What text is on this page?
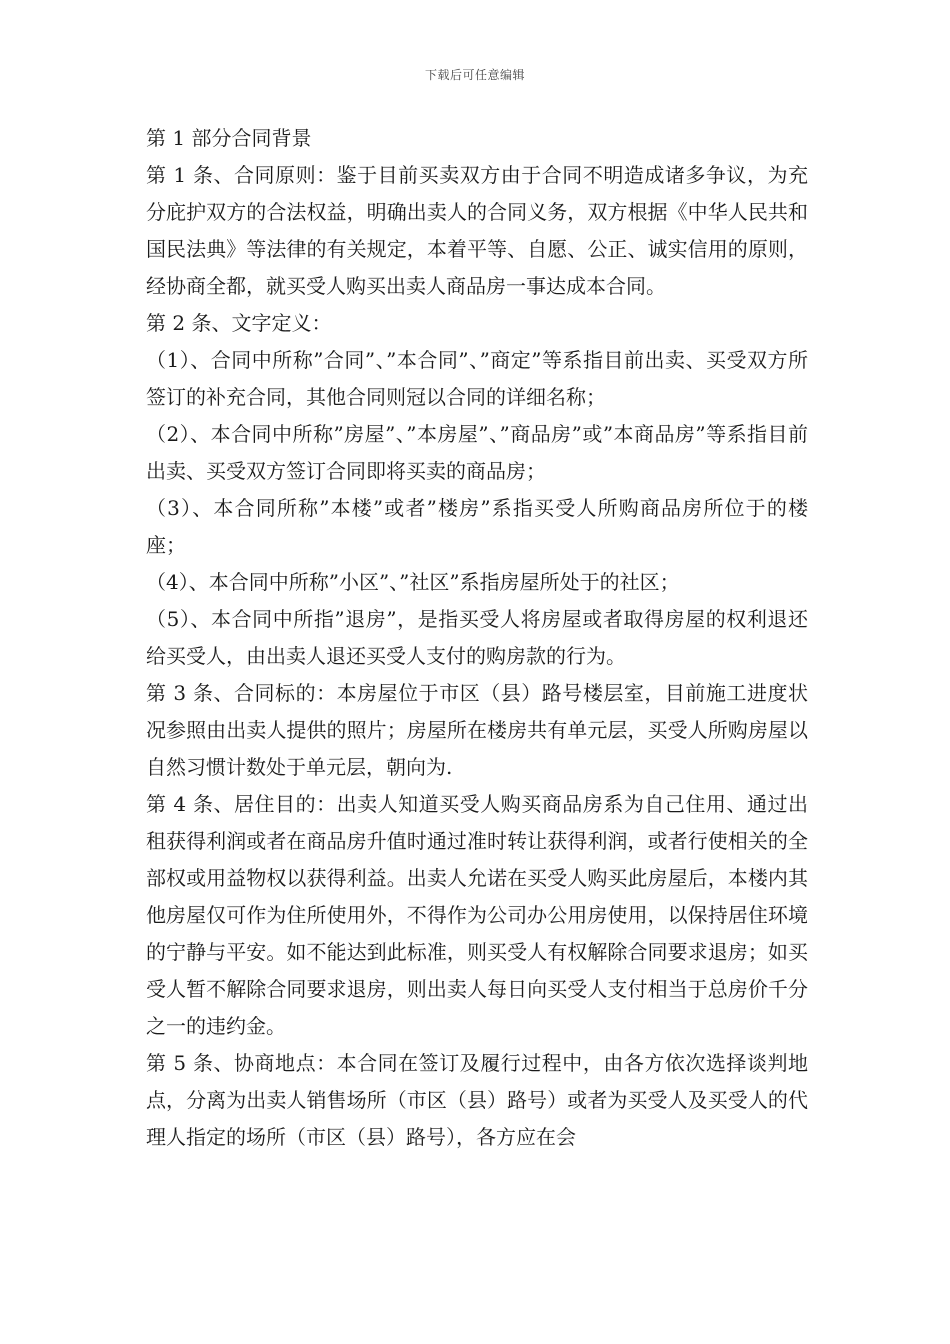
下载后可任意编辑

第 1 部分合同背景

第 1 条、合同原则：鉴于目前买卖双方由于合同不明造成诸多争议，为充分庇护双方的合法权益，明确出卖人的合同义务，双方根据《中华人民共和国民法典》等法律的有关规定，本着平等、自愿、公正、诚实信用的原则，经协商全都，就买受人购买出卖人商品房一事达成本合同。

第 2 条、文字定义：

（1）、合同中所称”合同”、”本合同”、”商定”等系指目前出卖、买受双方所签订的补充合同，其他合同则冠以合同的详细名称；

（2）、本合同中所称”房屋”、”本房屋”、”商品房”或”本商品房”等系指目前出卖、买受双方签订合同即将买卖的商品房；

（3）、本合同所称”本楼”或者”楼房”系指买受人所购商品房所位于的楼座；

（4）、本合同中所称”小区”、”社区”系指房屋所处于的社区；

（5）、本合同中所指”退房”，是指买受人将房屋或者取得房屋的权利退还给买受人，由出卖人退还买受人支付的购房款的行为。

第 3 条、合同标的：本房屋位于市区（县）路号楼层室，目前施工进度状况参照由出卖人提供的照片；房屋所在楼房共有单元层，买受人所购房屋以自然习惯计数处于单元层，朝向为.

第 4 条、居住目的：出卖人知道买受人购买商品房系为自己住用、通过出租获得利润或者在商品房升值时通过准时转让获得利润，或者行使相关的全部权或用益物权以获得利益。出卖人允诺在买受人购买此房屋后，本楼内其他房屋仅可作为住所使用外，不得作为公司办公用房使用，以保持居住环境的宁静与平安。如不能达到此标准，则买受人有权解除合同要求退房；如买受人暂不解除合同要求退房，则出卖人每日向买受人支付相当于总房价千分之一的违约金。

第 5 条、协商地点：本合同在签订及履行过程中，由各方依次选择谈判地点，分离为出卖人销售场所（市区（县）路号）或者为买受人及买受人的代理人指定的场所（市区（县）路号），各方应在会
